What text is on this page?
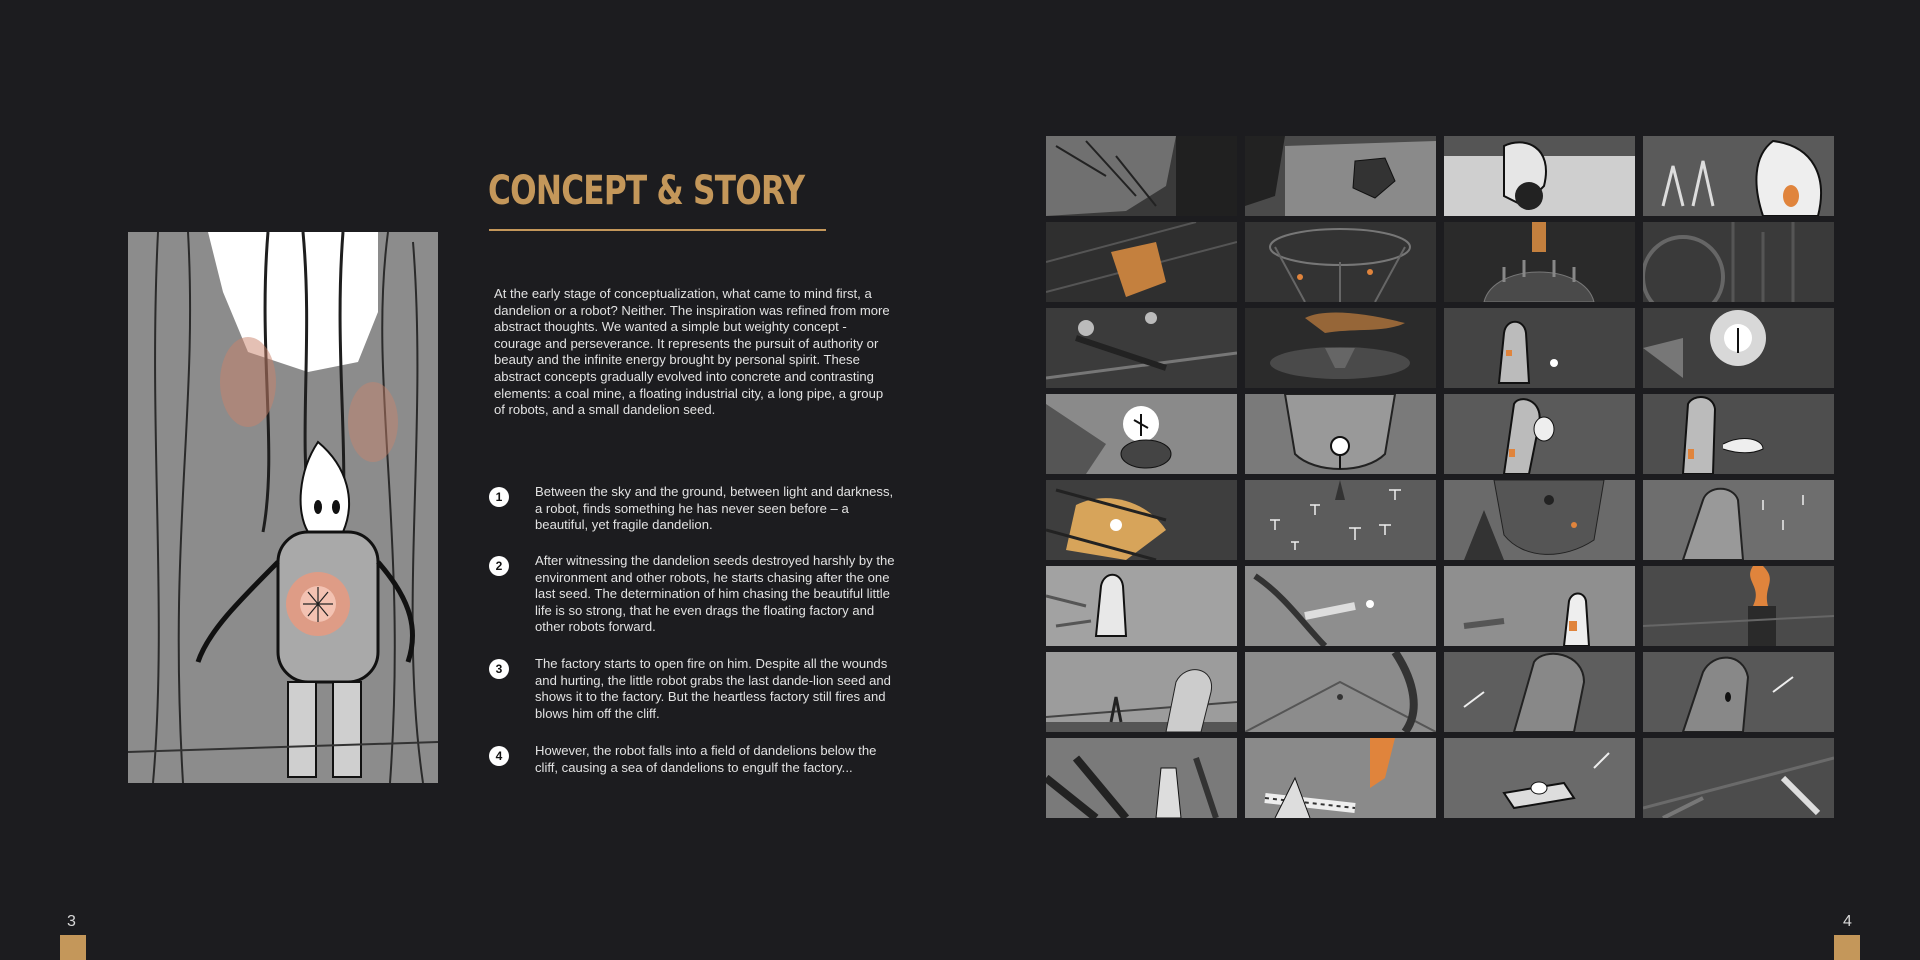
CONCEPT & STORY

At the early stage of conceptualization, what came to mind first, a dandelion or a robot? Neither. The inspiration was refined from more abstract thoughts. We wanted a simple but weighty concept - courage and perseverance. It represents the pursuit of authority or beauty and the infinite energy brought by personal spirit. These abstract concepts gradually evolved into concrete and contrasting elements: a coal mine, a floating industrial city, a long pipe, a group of robots, and a small dandelion seed.

1	Between the sky and the ground, between light and darkness, a robot, finds something he has never seen before – a beautiful, yet fragile dandelion.

2	After witnessing the dandelion seeds destroyed harshly by the environment and other robots, he starts chasing after the one last seed. The determination of him chasing the beautiful little life is so strong, that he even drags the floating factory and other robots forward.

3	The factory starts to open fire on him. Despite all the wounds and hurting, the little robot grabs the last dande-lion seed and shows it to the factory. But the heartless factory still fires and blows him off the cliff.

4	However, the robot falls into a field of dandelions below the cliff, causing a sea of dandelions to engulf the factory...

3	4
